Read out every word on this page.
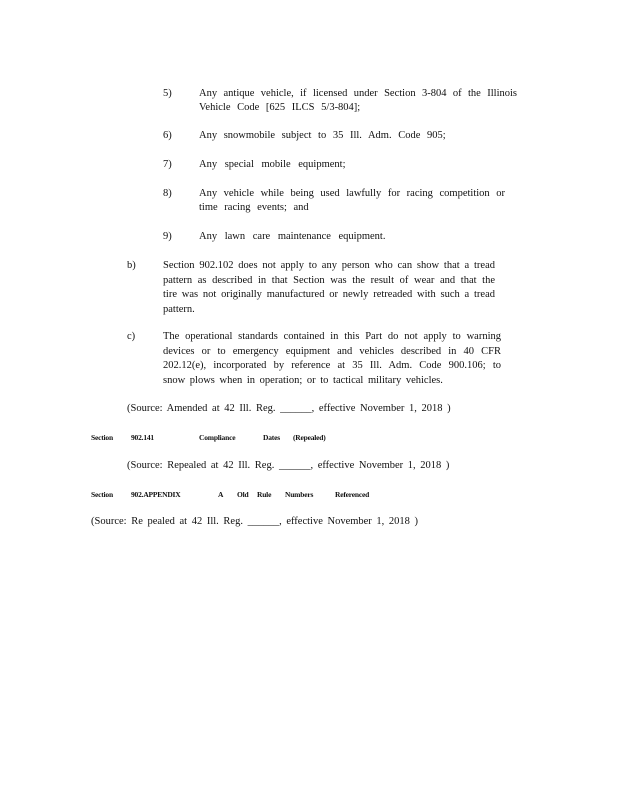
5)	Any antique vehicle, if licensed under Section 3-804 of the Illinois
Vehicle Code [625 ILCS 5/3-804];
6)	Any snowmobile subject to 35 Ill. Adm. Code 905;
7)	Any special mobile equipment;
8)	Any vehicle while being used lawfully for racing competition or
time racing events; and
9)	Any lawn care maintenance equipment.
b)	Section 902.102 does not apply to any person who can show that a tread pattern as described in that Section was the result of wear and that the tire was not originally manufactured or newly retreaded with such a tread pattern.
c)	The operational standards contained in this Part do not apply to warning devices or to emergency equipment and vehicles described in 40 CFR 202.12(e), incorporated by reference at 35 Ill. Adm. Code 900.106; to snow plows when in operation; or to tactical military vehicles.
(Source: Amended at 42 Ill. Reg. ______, effective November 1, 2018 )
Section 902.141	Compliance	Dates (Repealed)
(Source: Repealed at 42 Ill. Reg. ______, effective November 1, 2018 )
Section 902.APPENDIX	A Old Rule Numbers	Referenced
(Source: Re pealed at 42 Ill. Reg. ______, effective November 1, 2018 )
